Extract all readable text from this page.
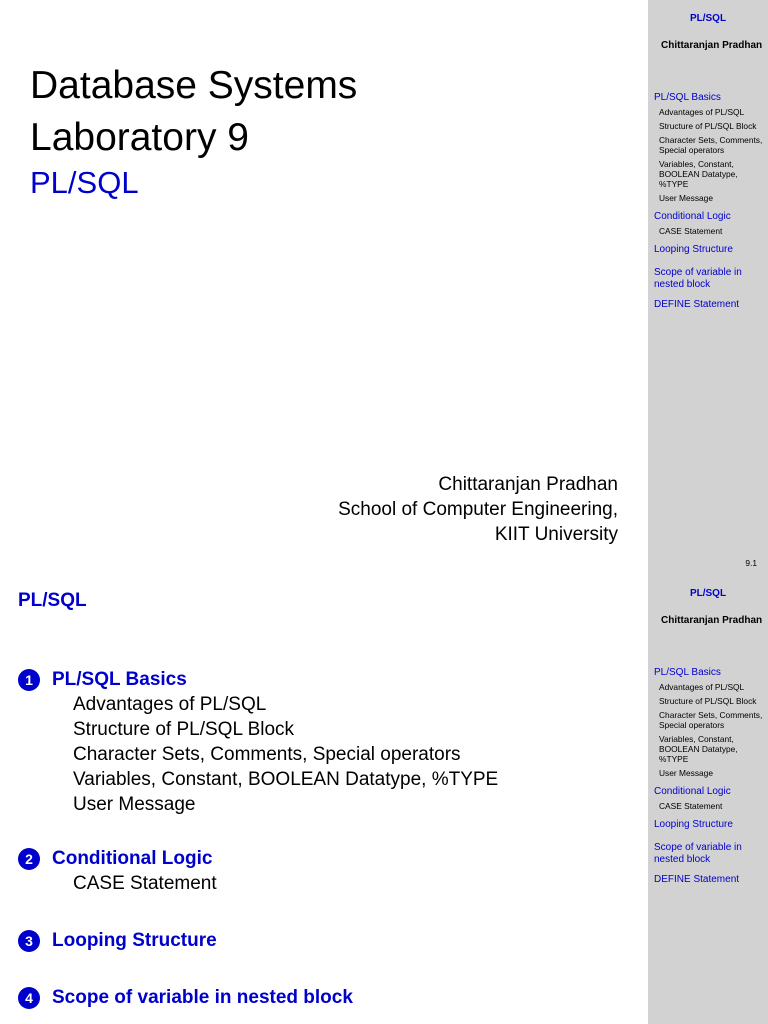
Database Systems
Laboratory 9
PL/SQL
Chittaranjan Pradhan
School of Computer Engineering,
KIIT University
PL/SQL
Chittaranjan Pradhan
PL/SQL Basics
Advantages of PL/SQL
Structure of PL/SQL Block
Character Sets, Comments, Special operators
Variables, Constant, BOOLEAN Datatype, %TYPE
User Message
Conditional Logic
CASE Statement
Looping Structure
Scope of variable in nested block
DEFINE Statement
9.1
PL/SQL
1	PL/SQL Basics
Advantages of PL/SQL
Structure of PL/SQL Block
Character Sets, Comments, Special operators
Variables, Constant, BOOLEAN Datatype, %TYPE
User Message
2	Conditional Logic
CASE Statement
3	Looping Structure
4	Scope of variable in nested block
PL/SQL
Chittaranjan Pradhan
PL/SQL Basics
Advantages of PL/SQL
Structure of PL/SQL Block
Character Sets, Comments, Special operators
Variables, Constant, BOOLEAN Datatype, %TYPE
User Message
Conditional Logic
CASE Statement
Looping Structure
Scope of variable in nested block
DEFINE Statement
